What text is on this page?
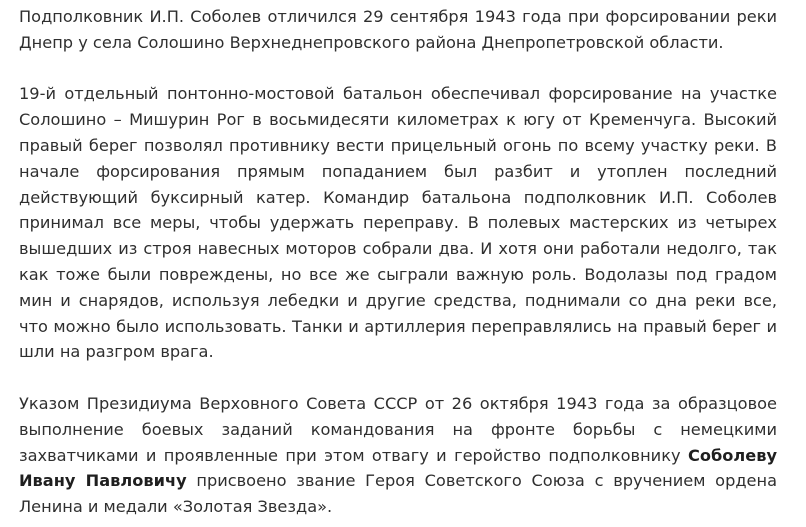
Подполковник И.П. Соболев отличился 29 сентября 1943 года при форсировании реки Днепр у села Солошино Верхнеднепровского района Днепропетровской области.

19-й отдельный понтонно-мостовой батальон обеспечивал форсирование на участке Солошино – Мишурин Рог в восьмидесяти километрах к югу от Кременчуга. Высокий правый берег позволял противнику вести прицельный огонь по всему участку реки. В начале форсирования прямым попаданием был разбит и утоплен последний действующий буксирный катер. Командир батальона подполковник И.П. Соболев принимал все меры, чтобы удержать переправу. В полевых мастерских из четырех вышедших из строя навесных моторов собрали два. И хотя они работали недолго, так как тоже были повреждены, но все же сыграли важную роль. Водолазы под градом мин и снарядов, используя лебедки и другие средства, поднимали со дна реки все, что можно было использовать. Танки и артиллерия переправлялись на правый берег и шли на разгром врага.

Указом Президиума Верховного Совета СССР от 26 октября 1943 года за образцовое выполнение боевых заданий командования на фронте борьбы с немецкими захватчиками и проявленные при этом отвагу и геройство подполковнику Соболеву Ивану Павловичу присвоено звание Героя Советского Союза с вручением ордена Ленина и медали «Золотая Звезда».
